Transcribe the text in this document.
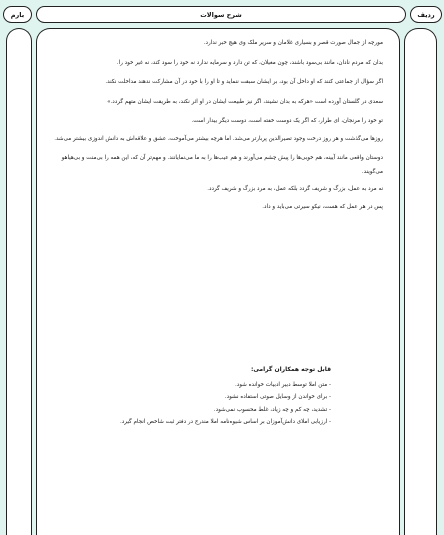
بارم	شرح سوالات	ردیف

مورچه از جمال صورت قصر و بسیاری غلامان و سریر ملک وی هیچ خبر ندارد.

بدان که مردم نادان، مانند بی‌سود باشند، چون مغیلان، که تن دارد و سرمایه ندارد نه خود را سود کند، نه غیر خود را.

اگر سؤال از جماعتی کنند که او داخل آن بود، بر ایشان سبقت ننماید و تا او را با خود در آن مشارکت ندهند مداخلت نکند.

سعدی در گلستان آورده است «هرکه به بدان نشیند، اگر نیز طبیعت ایشان در او اثر نکند، به طریقت ایشان متهم گردد.»

تو خود را مرنجان، ای طرار، که اگر یک دوست خفته است، دوست دیگر بیدار است.

روزها می‌گذشت و هر روز درخت وجود تصیرالدین پربارتر می‌شد. اما هرچه بیشتر می‌آموخت، عشق و علاقه‌اش به دانش اندوزی بیشتر می‌شد.

دوستان واقعی مانند آیینه، هم خوبی‌ها را پیش چشم می‌آورند و هم عیب‌ها را به ما می‌نمایانند. و مهم‌تر آن که، این همه را بی‌منت و بی‌هیاهو می‌گویند.

نه مرد به عمل، بزرگ و شریف گردد بلکه عمل، به مرد بزرگ و شریف گردد.

پس در هر عمل که هست، نیکو سیرتی می‌باید و داد.

قابل توجه همکاران گرامی:
- متن املا توسط دبیر ادبیات خوانده شود.
- برای خواندن از وسایل صوتی استفاده نشود.
- تشدید، چه کم و چه زیاد، غلط محسوب نمی‌شود.
- ارزیابی املای دانش‌آموزان بر اساس شیوه‌نامه املا مندرج در دفتر ثبت شاخص انجام گیرد.
